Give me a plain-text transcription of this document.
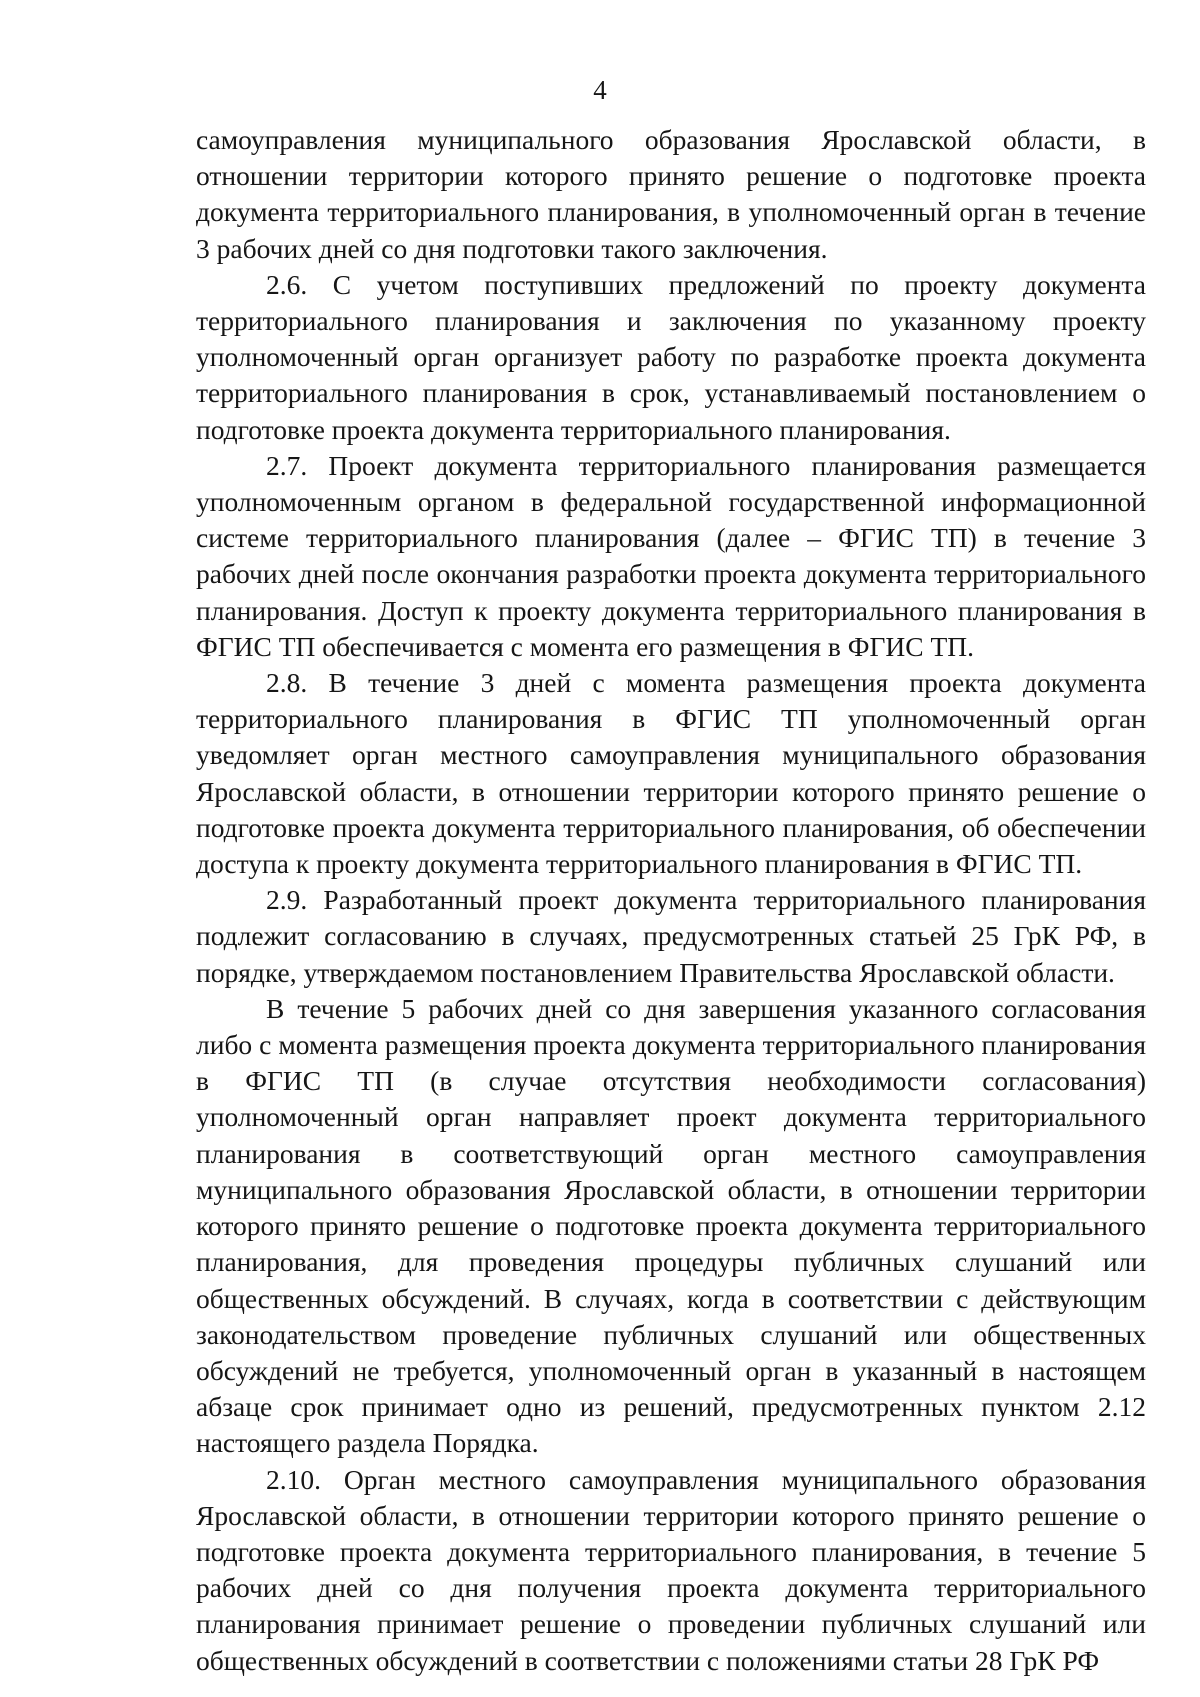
4

самоуправления муниципального образования Ярославской области, в отношении территории которого принято решение о подготовке проекта документа территориального планирования, в уполномоченный орган в течение 3 рабочих дней со дня подготовки такого заключения.

2.6. С учетом поступивших предложений по проекту документа территориального планирования и заключения по указанному проекту уполномоченный орган организует работу по разработке проекта документа территориального планирования в срок, устанавливаемый постановлением о подготовке проекта документа территориального планирования.

2.7. Проект документа территориального планирования размещается уполномоченным органом в федеральной государственной информационной системе территориального планирования (далее – ФГИС ТП) в течение 3 рабочих дней после окончания разработки проекта документа территориального планирования. Доступ к проекту документа территориального планирования в ФГИС ТП обеспечивается с момента его размещения в ФГИС ТП.

2.8. В течение 3 дней с момента размещения проекта документа территориального планирования в ФГИС ТП уполномоченный орган уведомляет орган местного самоуправления муниципального образования Ярославской области, в отношении территории которого принято решение о подготовке проекта документа территориального планирования, об обеспечении доступа к проекту документа территориального планирования в ФГИС ТП.

2.9. Разработанный проект документа территориального планирования подлежит согласованию в случаях, предусмотренных статьей 25 ГрК РФ, в порядке, утверждаемом постановлением Правительства Ярославской области.

В течение 5 рабочих дней со дня завершения указанного согласования либо с момента размещения проекта документа территориального планирования в ФГИС ТП (в случае отсутствия необходимости согласования) уполномоченный орган направляет проект документа территориального планирования в соответствующий орган местного самоуправления муниципального образования Ярославской области, в отношении территории которого принято решение о подготовке проекта документа территориального планирования, для проведения процедуры публичных слушаний или общественных обсуждений. В случаях, когда в соответствии с действующим законодательством проведение публичных слушаний или общественных обсуждений не требуется, уполномоченный орган в указанный в настоящем абзаце срок принимает одно из решений, предусмотренных пунктом 2.12 настоящего раздела Порядка.

2.10. Орган местного самоуправления муниципального образования Ярославской области, в отношении территории которого принято решение о подготовке проекта документа территориального планирования, в течение 5 рабочих дней со дня получения проекта документа территориального планирования принимает решение о проведении публичных слушаний или общественных обсуждений в соответствии с положениями статьи 28 ГрК РФ
